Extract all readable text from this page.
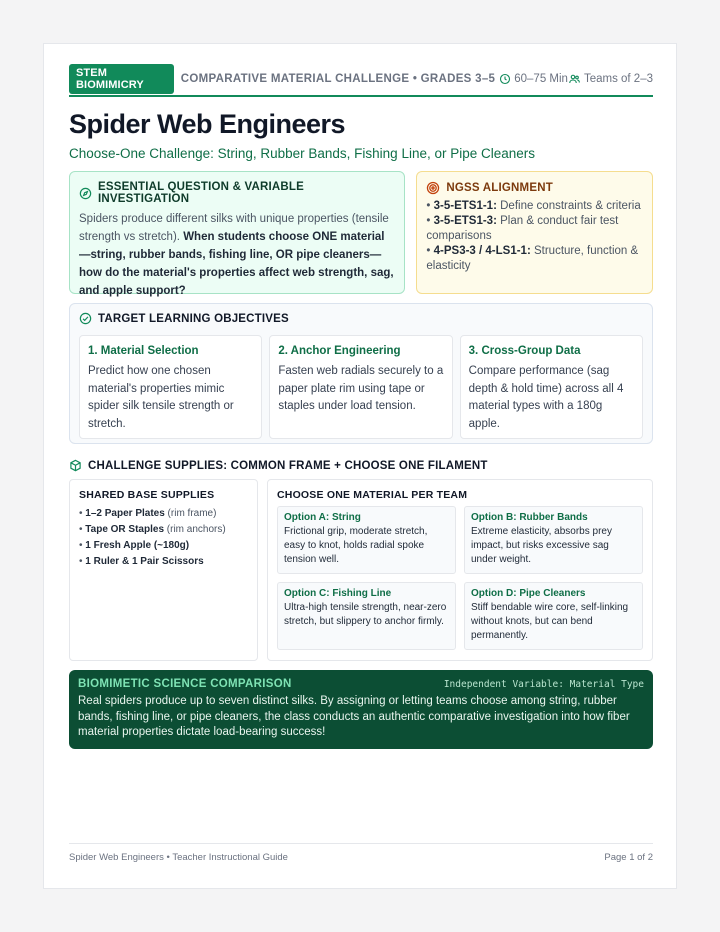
STEM BIOMIMICRY	COMPARATIVE MATERIAL CHALLENGE • GRADES 3–5 60–75 Min Teams of 2–3
Spider Web Engineers
Choose-One Challenge: String, Rubber Bands, Fishing Line, or Pipe Cleaners
ESSENTIAL QUESTION & VARIABLE INVESTIGATION

Spiders produce different silks with unique properties (tensile strength vs stretch). When students choose ONE material—string, rubber bands, fishing line, OR pipe cleaners—how do the material's properties affect web strength, sag, and apple support?

NGSS ALIGNMENT
• 3-5-ETS1-1: Define constraints & criteria
• 3-5-ETS1-3: Plan & conduct fair test comparisons
• 4-PS3-3 / 4-LS1-1: Structure, function & elasticity
TARGET LEARNING OBJECTIVES
1. Material Selection
Predict how one chosen material's properties mimic spider silk tensile strength or stretch.
2. Anchor Engineering
Fasten web radials securely to a paper plate rim using tape or staples under load tension.
3. Cross-Group Data
Compare performance (sag depth & hold time) across all 4 material types with a 180g apple.
CHALLENGE SUPPLIES: COMMON FRAME + CHOOSE ONE FILAMENT
SHARED BASE SUPPLIES
• 1–2 Paper Plates (rim frame)
• Tape OR Staples (rim anchors)
• 1 Fresh Apple (~180g)
• 1 Ruler & 1 Pair Scissors
CHOOSE ONE MATERIAL PER TEAM
Option A: String
Frictional grip, moderate stretch, easy to knot, holds radial spoke tension well.
Option B: Rubber Bands
Extreme elasticity, absorbs prey impact, but risks excessive sag under weight.
Option C: Fishing Line
Ultra-high tensile strength, near-zero stretch, but slippery to anchor firmly.
Option D: Pipe Cleaners
Stiff bendable wire core, self-linking without knots, but can bend permanently.
BIOMIMETIC SCIENCE COMPARISON	Independent Variable: Material Type

Real spiders produce up to seven distinct silks. By assigning or letting teams choose among string, rubber bands, fishing line, or pipe cleaners, the class conducts an authentic comparative investigation into how fiber material properties dictate load-bearing success!

Spider Web Engineers • Teacher Instructional Guide	Page 1 of 2
